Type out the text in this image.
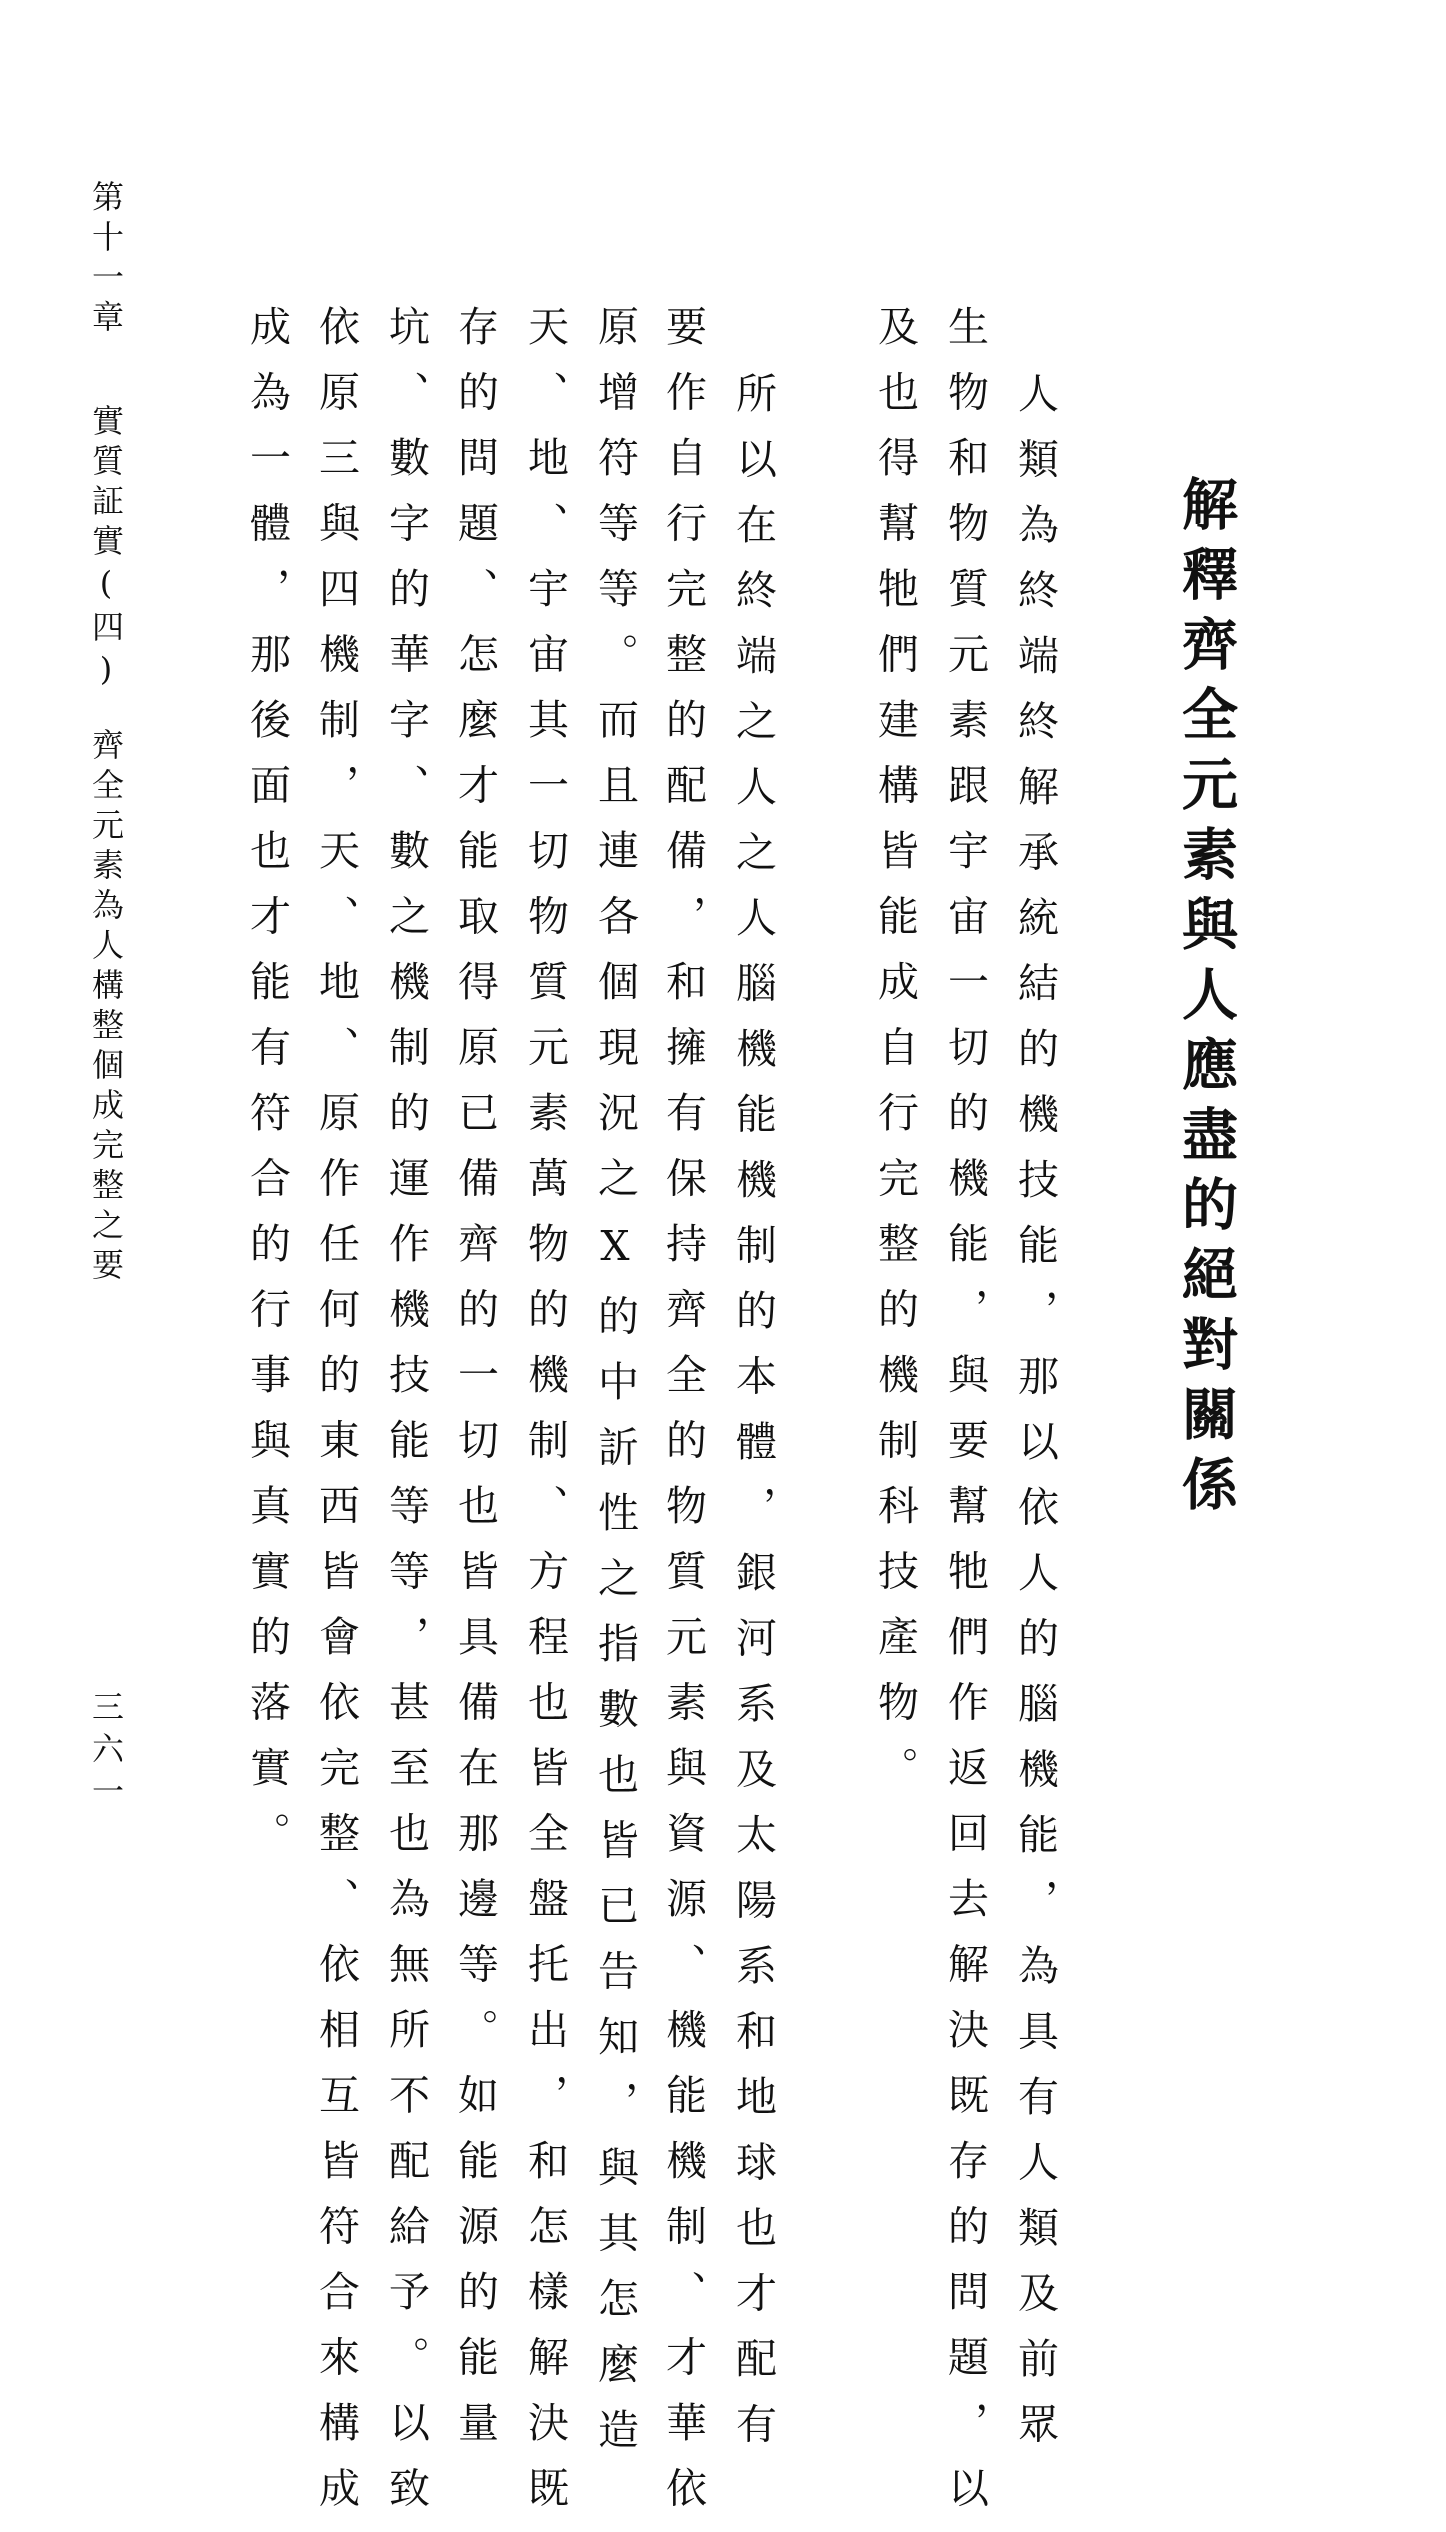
解釋齊全元素與人應盡的絕對關係

人類為終端終解承統結的機技能，那以依人的腦機能，為具有人類及前眾

生物和物質元素跟宇宙一切的機能，與要幫牠們作返回去解決既存的問題，以

及也得幫牠們建構皆能成自行完整的機制科技產物。

所以在終端之人之人腦機能機制的本體，銀河系及太陽系和地球也才配有

要作自行完整的配備，和擁有保持齊全的物質元素與資源、機能機制、才華依

原增符等等。而且連各個現況之X的中訢性之指數也皆已告知，與其怎麼造

天、地、宇宙其一切物質元素萬物的機制、方程也皆全盤托出，和怎樣解決既

存的問題、怎麼才能取得原已備齊的一切也皆具備在那邊等。如能源的能量

坑、數字的華字、數之機制的運作機技能等等，甚至也為無所不配給予。以致

依原三與四機制，天、地、原作任何的東西皆會依完整、依相互皆符合來構成

成為一體，那後面也才能有符合的行事與真實的落實。

第十一章　　實質証實(四)　齊全元素為人構整個成完整之要
三六一
